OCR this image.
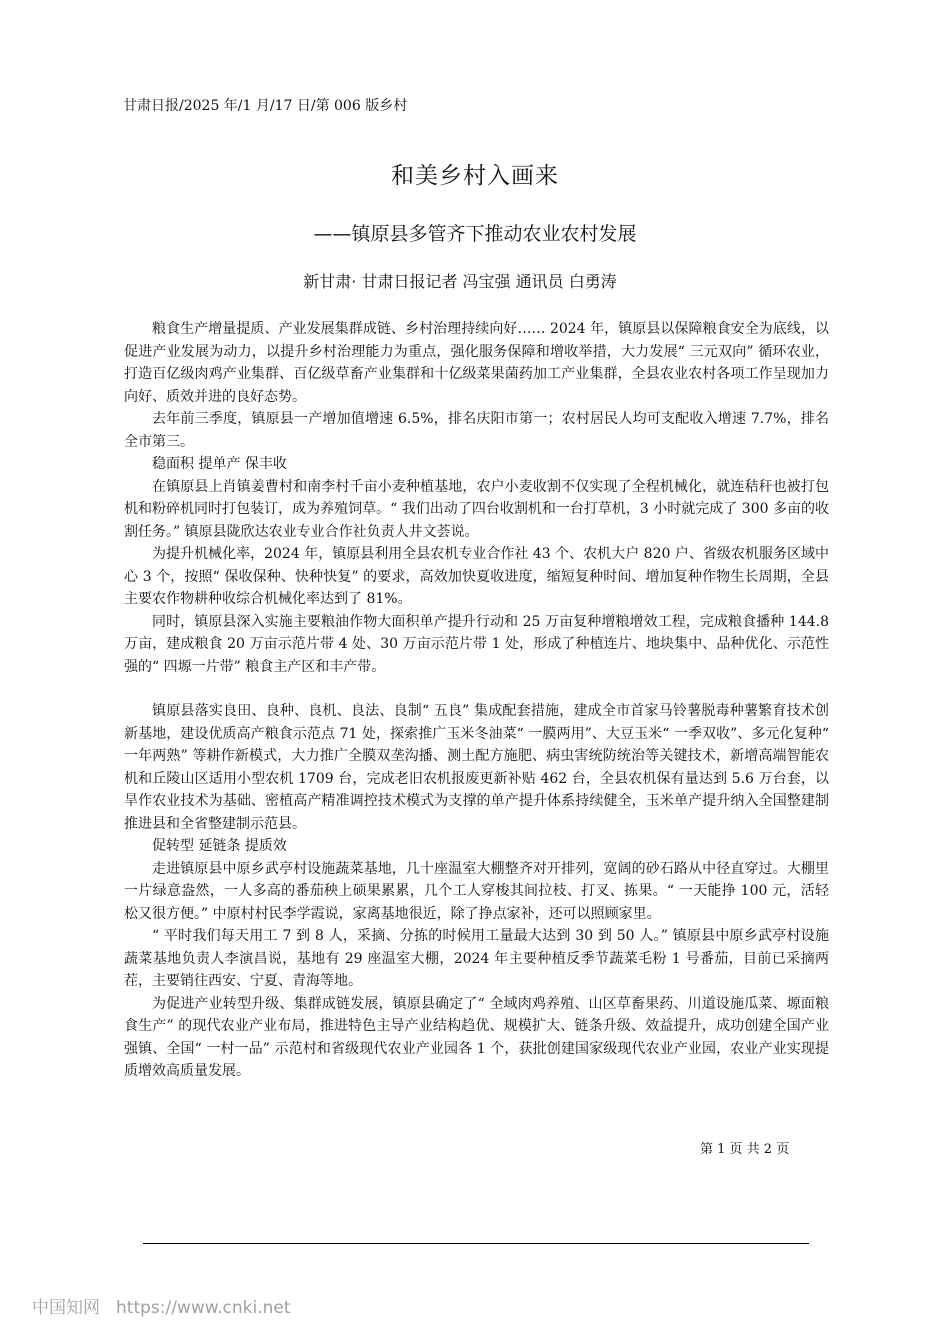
甘肃日报/2025 年/1 月/17 日/第 006 版乡村
和美乡村入画来
——镇原县多管齐下推动农业农村发展
新甘肃· 甘肃日报记者 冯宝强 通讯员 白勇涛

粮食生产增量提质、产业发展集群成链、乡村治理持续向好…… 2024 年，镇原县以保障粮食安全为底线，以促进产业发展为动力，以提升乡村治理能力为重点，强化服务保障和增收举措，大力发展“ 三元双向” 循环农业，打造百亿级肉鸡产业集群、百亿级草畜产业集群和十亿级菜果菌药加工产业集群，全县农业农村各项工作呈现加力向好、质效并进的良好态势。

去年前三季度，镇原县一产增加值增速 6.5%，排名庆阳市第一；农村居民人均可支配收入增速 7.7%，排名全市第三。

稳面积 提单产 保丰收

在镇原县上肖镇姜曹村和南李村千亩小麦种植基地，农户小麦收割不仅实现了全程机械化，就连秸秆也被打包机和粉碎机同时打包装订，成为养殖饲草。“ 我们出动了四台收割机和一台打草机，3 小时就完成了 300 多亩的收割任务。” 镇原县陇欣达农业专业合作社负责人井文荟说。

为提升机械化率，2024 年，镇原县利用全县农机专业合作社 43 个、农机大户 820 户、省级农机服务区域中心 3 个，按照“ 保收保种、快种快复” 的要求，高效加快夏收进度，缩短复种时间、增加复种作物生长周期，全县主要农作物耕种收综合机械化率达到了 81%。

同时，镇原县深入实施主要粮油作物大面积单产提升行动和 25 万亩复种增粮增效工程，完成粮食播种 144.8 万亩，建成粮食 20 万亩示范片带 4 处、30 万亩示范片带 1 处，形成了种植连片、地块集中、品种优化、示范性强的“ 四塬一片带” 粮食主产区和丰产带。

镇原县落实良田、良种、良机、良法、良制“ 五良” 集成配套措施，建成全市首家马铃薯脱毒种薯繁育技术创新基地，建设优质高产粮食示范点 71 处，探索推广玉米冬油菜“ 一膜两用”、大豆玉米“ 一季双收”、多元化复种“ 一年两熟” 等耕作新模式，大力推广全膜双垄沟播、测土配方施肥、病虫害统防统治等关键技术，新增高端智能农机和丘陵山区适用小型农机 1709 台，完成老旧农机报废更新补贴 462 台，全县农机保有量达到 5.6 万台套，以旱作农业技术为基础、密植高产精准调控技术模式为支撑的单产提升体系持续健全，玉米单产提升纳入全国整建制推进县和全省整建制示范县。

促转型 延链条 提质效

走进镇原县中原乡武亭村设施蔬菜基地，几十座温室大棚整齐对开排列，宽阔的砂石路从中径直穿过。大棚里一片绿意盎然，一人多高的番茄秧上硕果累累，几个工人穿梭其间拉枝、打叉、拣果。“ 一天能挣 100 元，活轻松又很方便。” 中原村村民李学霞说，家离基地很近，除了挣点家补，还可以照顾家里。

“ 平时我们每天用工 7 到 8 人，采摘、分拣的时候用工量最大达到 30 到 50 人。” 镇原县中原乡武亭村设施蔬菜基地负责人李演昌说，基地有 29 座温室大棚，2024 年主要种植反季节蔬菜毛粉 1 号番茄，目前已采摘两茬，主要销往西安、宁夏、青海等地。

为促进产业转型升级、集群成链发展，镇原县确定了“ 全域肉鸡养殖、山区草畜果药、川道设施瓜菜、塬面粮食生产” 的现代农业产业布局，推进特色主导产业结构趋优、规模扩大、链条升级、效益提升，成功创建全国产业强镇、全国“ 一村一品” 示范村和省级现代农业产业园各 1 个，获批创建国家级现代农业产业园，农业产业实现提质增效高质量发展。

第 1 页 共 2 页
中国知网 https://www.cnki.net
